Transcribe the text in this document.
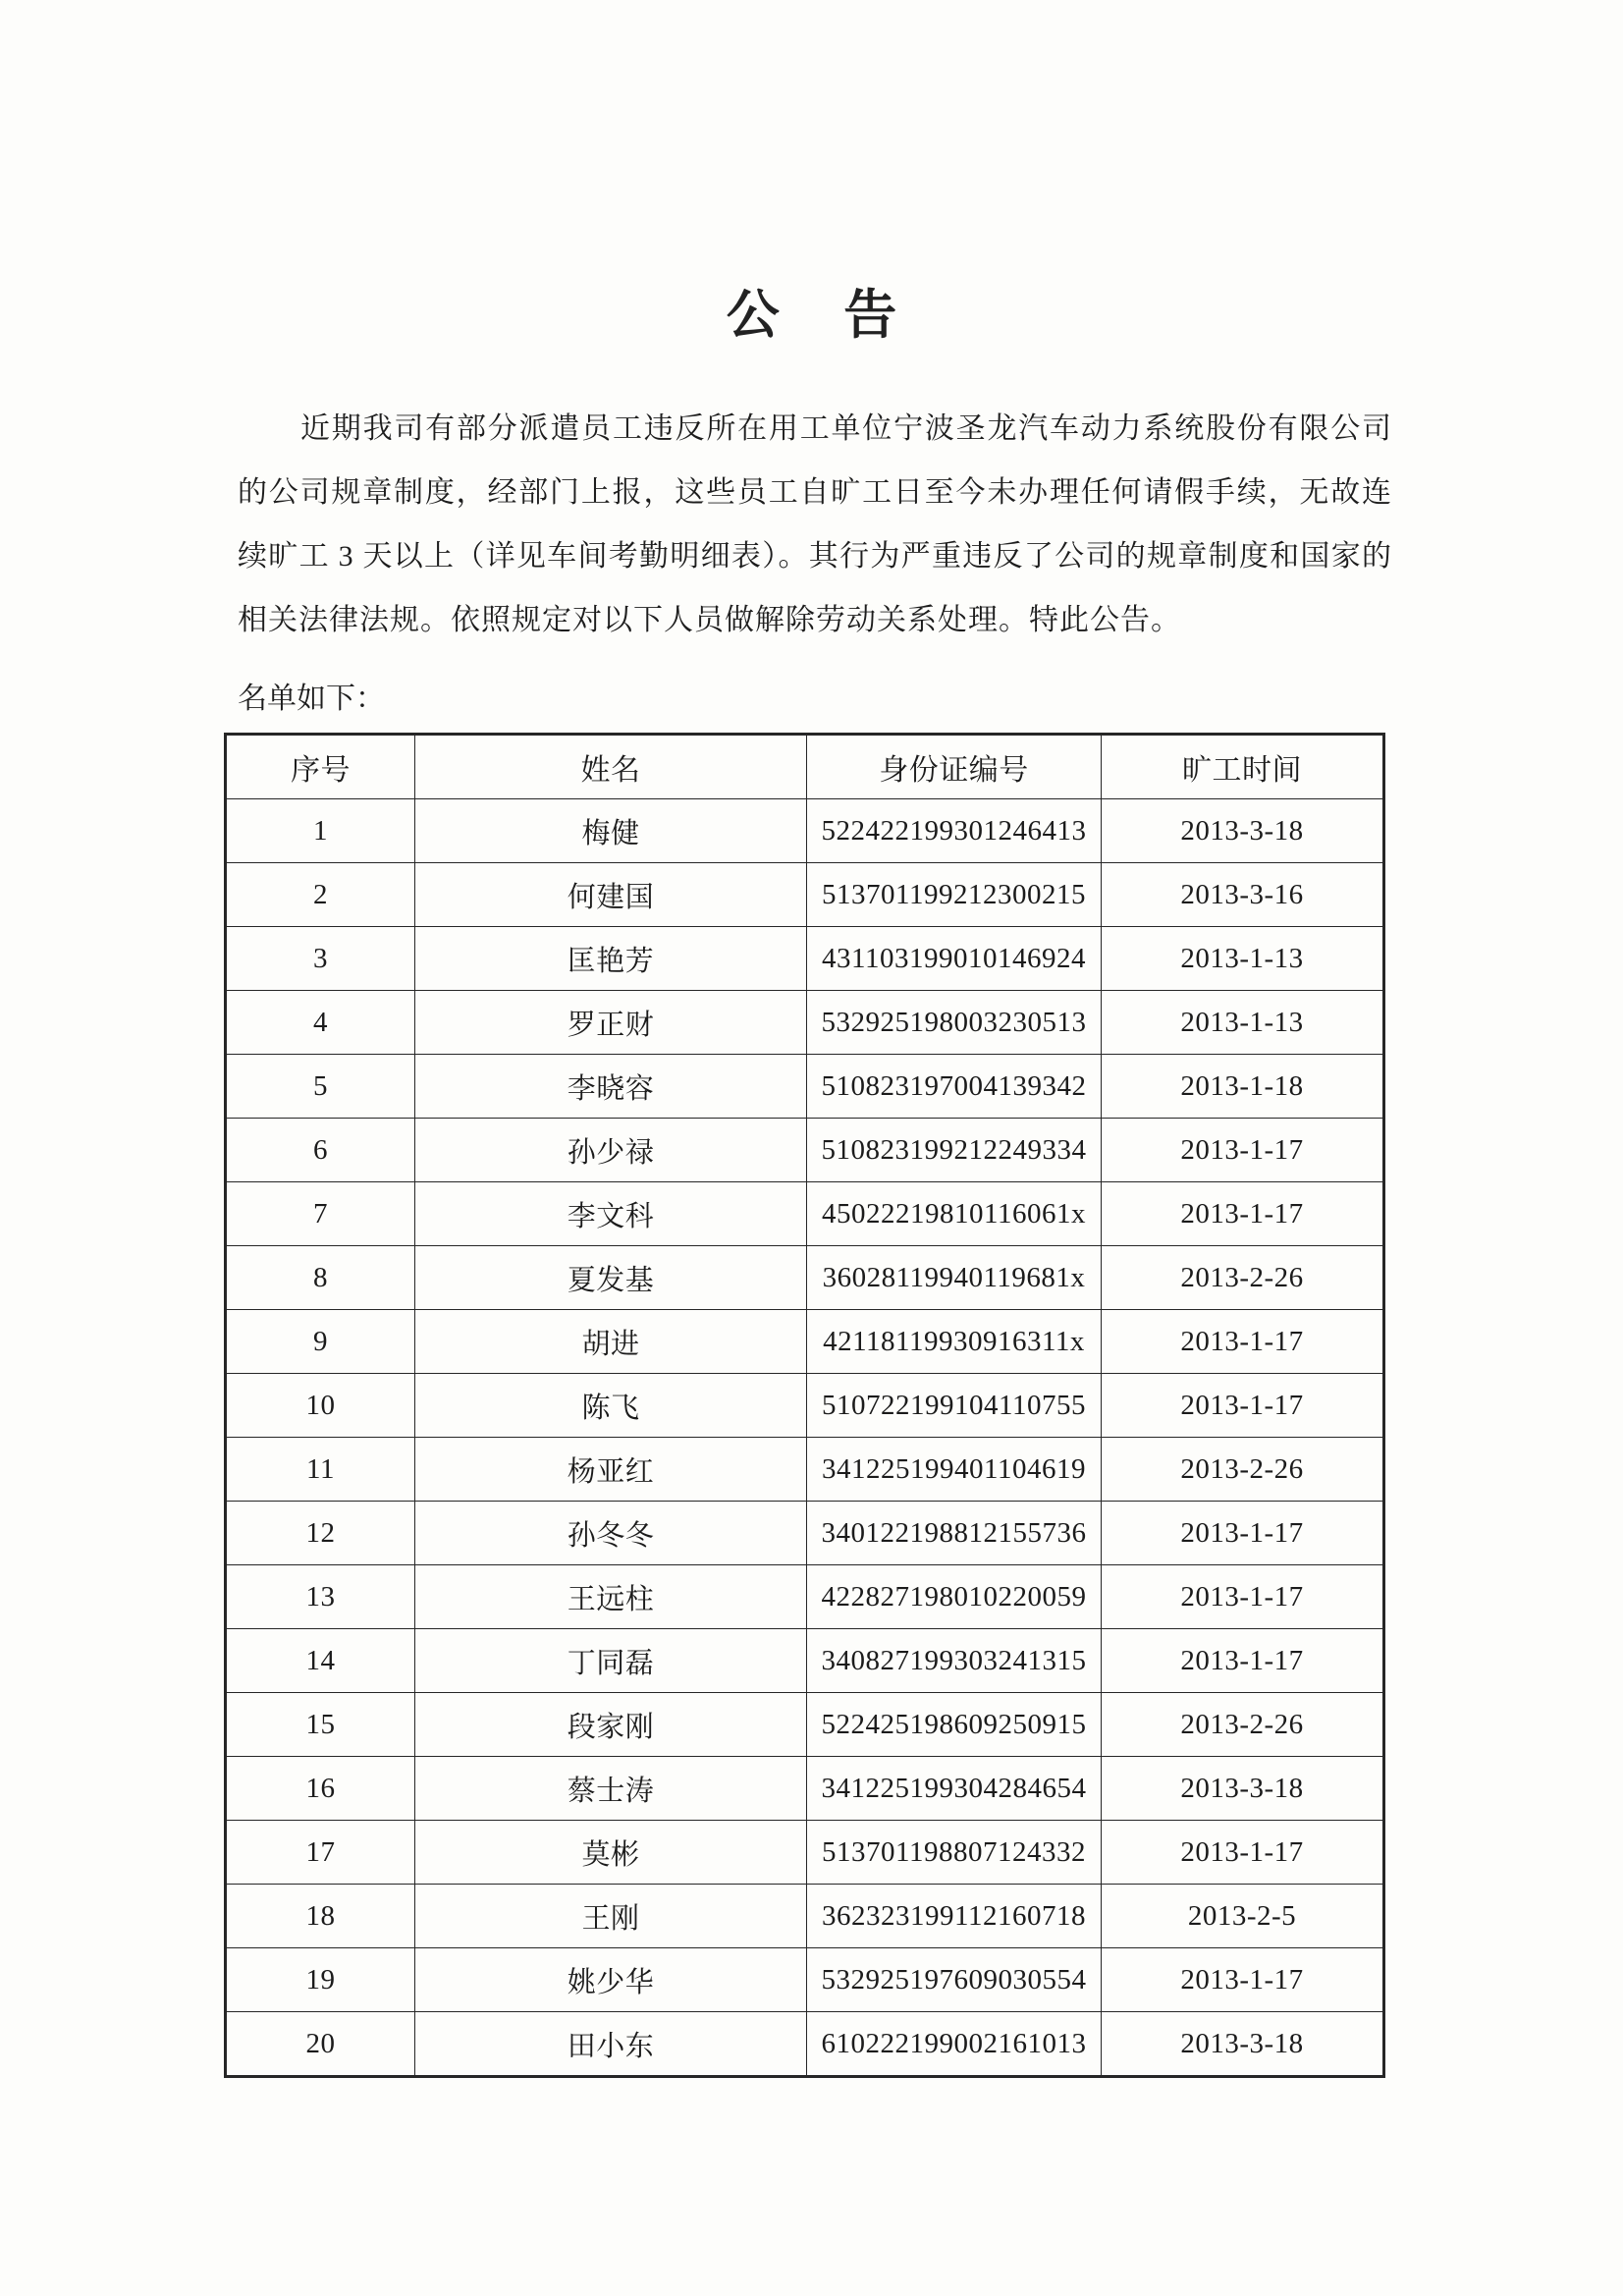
公 告

近期我司有部分派遣员工违反所在用工单位宁波圣龙汽车动力系统股份有限公司的公司规章制度，经部门上报，这些员工自旷工日至今未办理任何请假手续，无故连续旷工 3 天以上（详见车间考勤明细表）。其行为严重违反了公司的规章制度和国家的相关法律法规。依照规定对以下人员做解除劳动关系处理。特此公告。

名单如下：

序号	姓名	身份证编号	旷工时间
1	梅健	522422199301246413	2013-3-18
2	何建国	513701199212300215	2013-3-16
3	匡艳芳	431103199010146924	2013-1-13
4	罗正财	532925198003230513	2013-1-13
5	李晓容	510823197004139342	2013-1-18
6	孙少禄	510823199212249334	2013-1-17
7	李文科	45022219810116061x	2013-1-17
8	夏发基	36028119940119681x	2013-2-26
9	胡进	42118119930916311x	2013-1-17
10	陈飞	510722199104110755	2013-1-17
11	杨亚红	341225199401104619	2013-2-26
12	孙冬冬	340122198812155736	2013-1-17
13	王远柱	422827198010220059	2013-1-17
14	丁同磊	340827199303241315	2013-1-17
15	段家刚	522425198609250915	2013-2-26
16	蔡士涛	341225199304284654	2013-3-18
17	莫彬	513701198807124332	2013-1-17
18	王刚	362323199112160718	2013-2-5
19	姚少华	532925197609030554	2013-1-17
20	田小东	610222199002161013	2013-3-18
